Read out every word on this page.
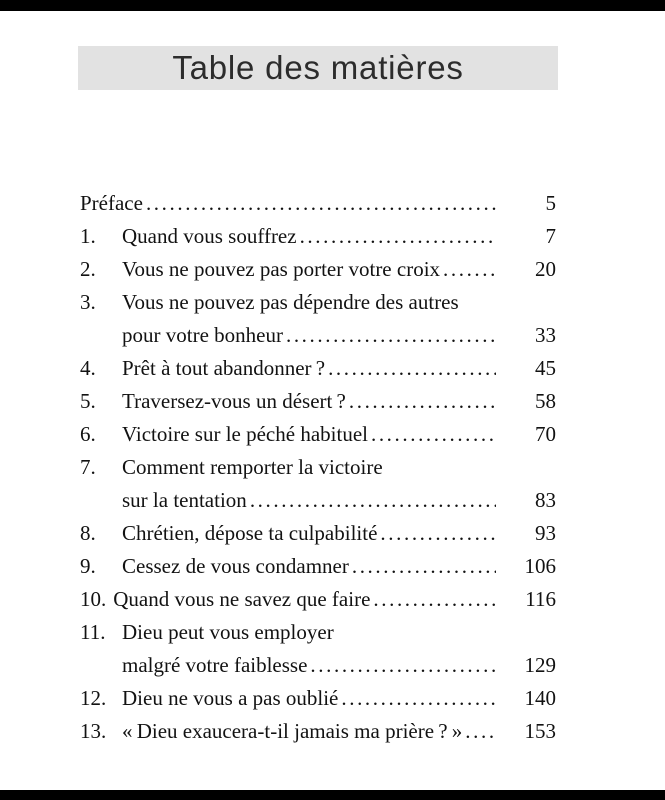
Table des matières
Préface .....	5
1.	Quand vous souffrez .....	7
2.	Vous ne pouvez pas porter votre croix .....	20
3.	Vous ne pouvez pas dépendre des autres
pour votre bonheur .....	33
4.	Prêt à tout abandonner ? .....	45
5.	Traversez-vous un désert ? .....	58
6.	Victoire sur le péché habituel .....	70
7.	Comment remporter la victoire
sur la tentation .....	83
8.	Chrétien, dépose ta culpabilité .....	93
9.	Cessez de vous condamner .....	106
10. Quand vous ne savez que faire .....	116
11. Dieu peut vous employer
malgré votre faiblesse .....	129
12. Dieu ne vous a pas oublié .....	140
13. « Dieu exaucera-t-il jamais ma prière ? » .....	153
